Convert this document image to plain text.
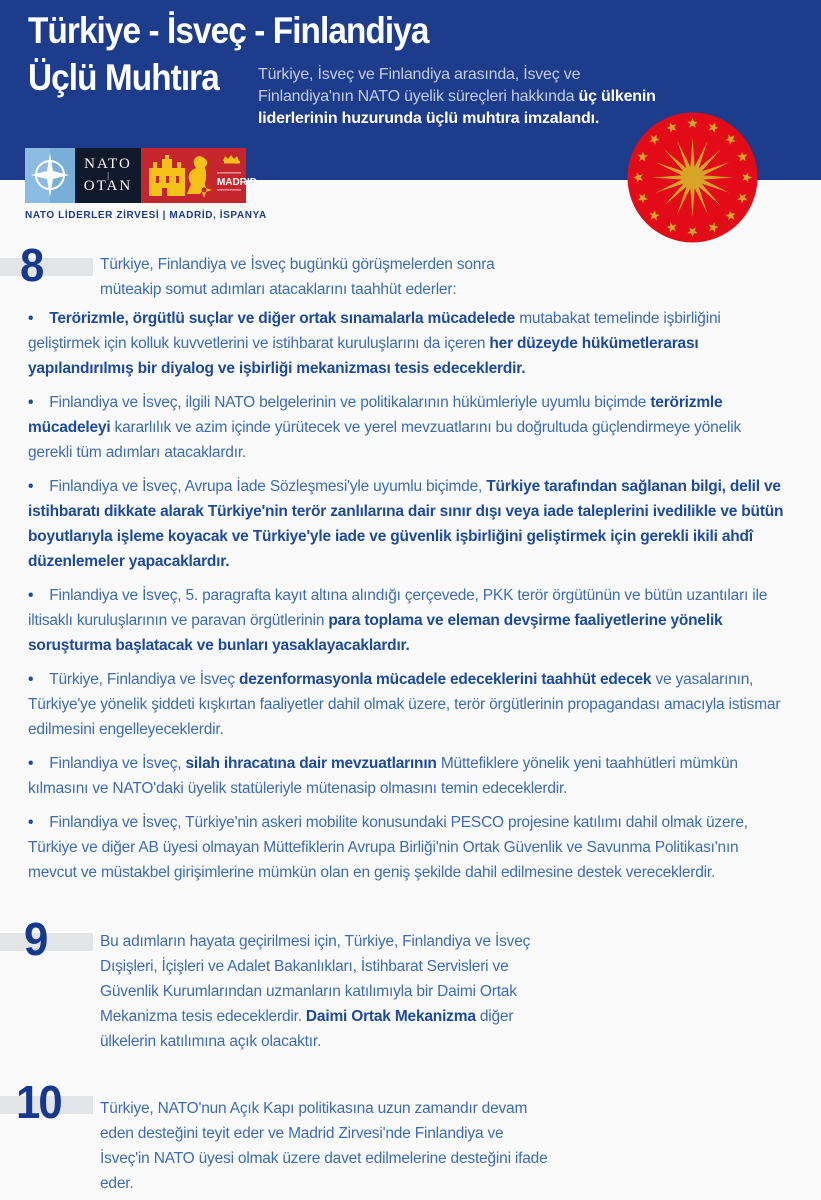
Türkiye - İsveç - Finlandiya
Üçlü Muhtıra Türkiye, İsveç ve Finlandiya arasında, İsveç ve Finlandiya'nın NATO üyelik süreçleri hakkında üç ülkenin liderlerinin huzurunda üçlü muhtıra imzalandı.
NATO
|
OTAN	MADRID
NATO LİDERLER ZİRVESİ | MADRİD, İSPANYA
8	Türkiye, Finlandiya ve İsveç bugünkü görüşmelerden sonra müteakip somut adımları atacaklarını taahhüt ederler:

• Terörizmle, örgütlü suçlar ve diğer ortak sınamalarla mücadelede mutabakat temelinde işbirliğini geliştirmek için kolluk kuvvetlerini ve istihbarat kuruluşlarını da içeren her düzeyde hükümetlerarası yapılandırılmış bir diyalog ve işbirliği mekanizması tesis edeceklerdir.

• Finlandiya ve İsveç, ilgili NATO belgelerinin ve politikalarının hükümleriyle uyumlu biçimde terörizmle mücadeleyi kararlılık ve azim içinde yürütecek ve yerel mevzuatlarını bu doğrultuda güçlendirmeye yönelik gerekli tüm adımları atacaklardır.

• Finlandiya ve İsveç, Avrupa İade Sözleşmesi'yle uyumlu biçimde, Türkiye tarafından sağlanan bilgi, delil ve istihbaratı dikkate alarak Türkiye'nin terör zanlılarına dair sınır dışı veya iade taleplerini ivedilikle ve bütün boyutlarıyla işleme koyacak ve Türkiye'yle iade ve güvenlik işbirliğini geliştirmek için gerekli ikili ahdî düzenlemeler yapacaklardır.

• Finlandiya ve İsveç, 5. paragrafta kayıt altına alındığı çerçevede, PKK terör örgütünün ve bütün uzantıları ile iltisaklı kuruluşlarının ve paravan örgütlerinin para toplama ve eleman devşirme faaliyetlerine yönelik soruşturma başlatacak ve bunları yasaklayacaklardır.

• Türkiye, Finlandiya ve İsveç dezenformasyonla mücadele edeceklerini taahhüt edecek ve yasalarının, Türkiye'ye yönelik şiddeti kışkırtan faaliyetler dahil olmak üzere, terör örgütlerinin propagandası amacıyla istismar edilmesini engelleyeceklerdir.

• Finlandiya ve İsveç, silah ihracatına dair mevzuatlarının Müttefiklere yönelik yeni taahhütleri mümkün kılmasını ve NATO'daki üyelik statüleriyle mütenasip olmasını temin edeceklerdir.

• Finlandiya ve İsveç, Türkiye'nin askeri mobilite konusundaki PESCO projesine katılımı dahil olmak üzere, Türkiye ve diğer AB üyesi olmayan Müttefiklerin Avrupa Birliği'nin Ortak Güvenlik ve Savunma Politikası'nın mevcut ve müstakbel girişimlerine mümkün olan en geniş şekilde dahil edilmesine destek vereceklerdir.

9	Bu adımların hayata geçirilmesi için, Türkiye, Finlandiya ve İsveç Dışişleri, İçişleri ve Adalet Bakanlıkları, İstihbarat Servisleri ve Güvenlik Kurumlarından uzmanların katılımıyla bir Daimi Ortak Mekanizma tesis edeceklerdir. Daimi Ortak Mekanizma diğer ülkelerin katılımına açık olacaktır.
10	Türkiye, NATO'nun Açık Kapı politikasına uzun zamandır devam eden desteğini teyit eder ve Madrid Zirvesi'nde Finlandiya ve İsveç'in NATO üyesi olmak üzere davet edilmelerine desteğini ifade eder.
